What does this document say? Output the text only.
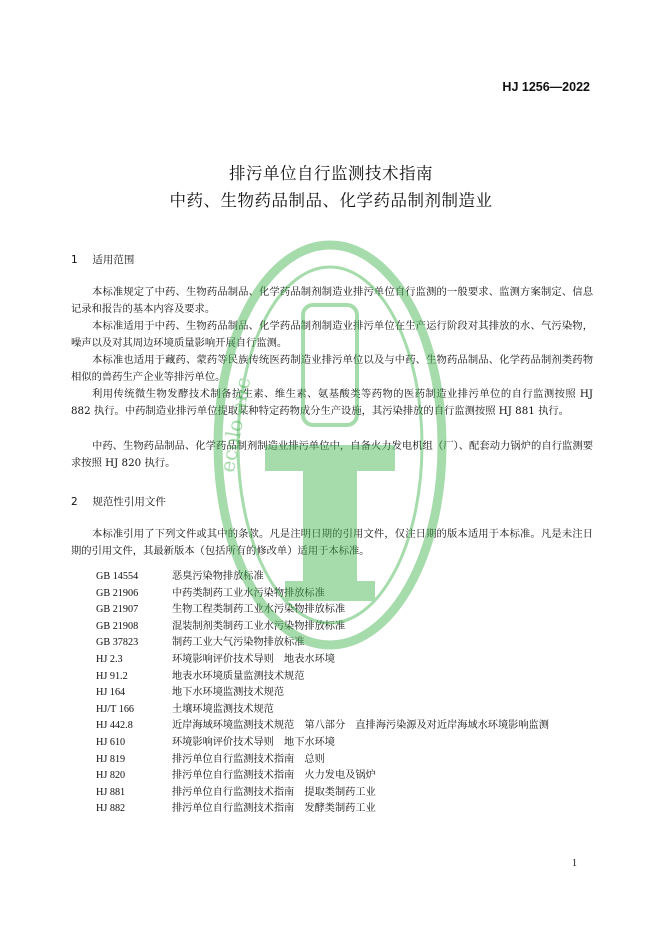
HJ 1256—2022
排污单位自行监测技术指南
中药、生物药品制品、化学药品制剂制造业
1 适用范围

本标准规定了中药、生物药品制品、化学药品制剂制造业排污单位自行监测的一般要求、监测方案制定、信息记录和报告的基本内容及要求。

本标准适用于中药、生物药品制品、化学药品制剂制造业排污单位在生产运行阶段对其排放的水、气污染物，噪声以及对其周边环境质量影响开展自行监测。

本标准也适用于藏药、蒙药等民族传统医药制造业排污单位以及与中药、生物药品制品、化学药品制剂类药物相似的兽药生产企业等排污单位。

利用传统微生物发酵技术制备抗生素、维生素、氨基酸类等药物的医药制造业排污单位的自行监测按照 HJ 882 执行。中药制造业排污单位提取某种特定药物成分生产设施，其污染排放的自行监测按照 HJ 881 执行。

中药、生物药品制品、化学药品制剂制造业排污单位中，自备火力发电机组（厂）、配套动力锅炉的自行监测要求按照 HJ 820 执行。

2 规范性引用文件

本标准引用了下列文件或其中的条款。凡是注明日期的引用文件，仅注日期的版本适用于本标准。凡是未注日期的引用文件，其最新版本（包括所有的修改单）适用于本标准。

GB 14554	恶臭污染物排放标准
GB 21906	中药类制药工业水污染物排放标准
GB 21907	生物工程类制药工业水污染物排放标准
GB 21908	混装制剂类制药工业水污染物排放标准
GB 37823	制药工业大气污染物排放标准
HJ 2.3	环境影响评价技术导则　地表水环境
HJ 91.2	地表水环境质量监测技术规范
HJ 164	地下水环境监测技术规范
HJ/T 166	土壤环境监测技术规范
HJ 442.8	近岸海域环境监测技术规范　第八部分　直排海污染源及对近岸海域水环境影响监测
HJ 610	环境影响评价技术导则　地下水环境
HJ 819	排污单位自行监测技术指南　总则
HJ 820	排污单位自行监测技术指南　火力发电及锅炉
HJ 881	排污单位自行监测技术指南　提取类制药工业
HJ 882	排污单位自行监测技术指南　发酵类制药工业
1
ecolo anc
